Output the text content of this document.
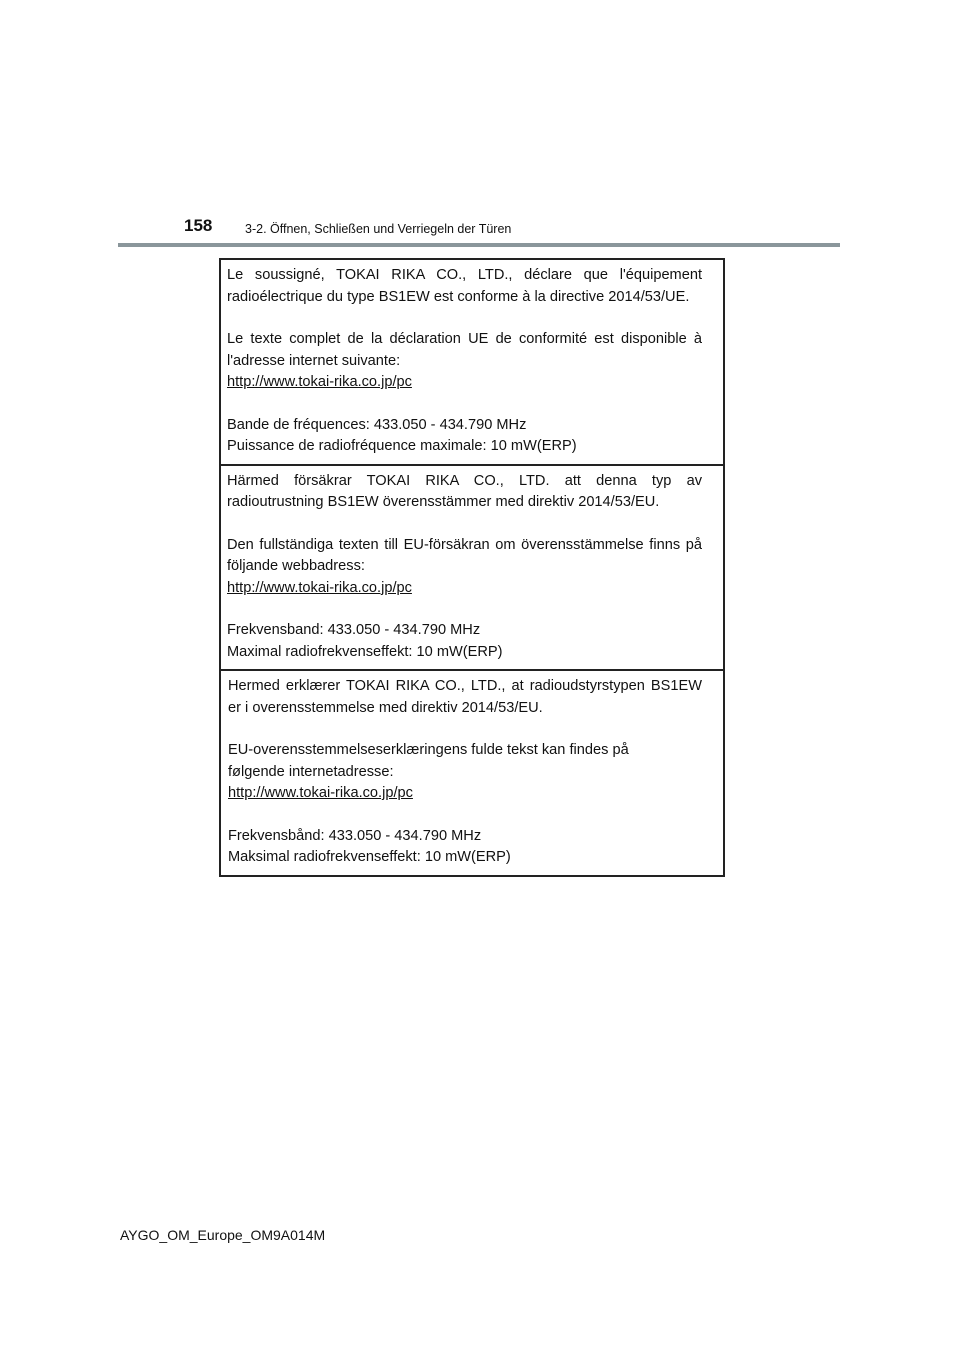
158	3-2. Öffnen, Schließen und Verriegeln der Türen

Le soussigné, TOKAI RIKA CO., LTD., déclare que l'équipement radioélectrique du type BS1EW est conforme à la directive 2014/53/UE.

Le texte complet de la déclaration UE de conformité est disponible à l'adresse internet suivante:

http://www.tokai-rika.co.jp/pc

Bande de fréquences: 433.050 - 434.790 MHz

Puissance de radiofréquence maximale: 10 mW(ERP)

Härmed försäkrar TOKAI RIKA CO., LTD. att denna typ av radioutrustning BS1EW överensstämmer med direktiv 2014/53/EU.

Den fullständiga texten till EU-försäkran om överensstämmelse finns på följande webbadress:

http://www.tokai-rika.co.jp/pc

Frekvensband: 433.050 - 434.790 MHz

Maximal radiofrekvenseffekt: 10 mW(ERP)

Hermed erklærer TOKAI RIKA CO., LTD., at radioudstyrstypen BS1EW er i overensstemmelse med direktiv 2014/53/EU.

EU-overensstemmelseserklæringens fulde tekst kan findes på

følgende internetadresse:

http://www.tokai-rika.co.jp/pc

Frekvensbånd: 433.050 - 434.790 MHz

Maksimal radiofrekvenseffekt: 10 mW(ERP)

AYGO_OM_Europe_OM9A014M
